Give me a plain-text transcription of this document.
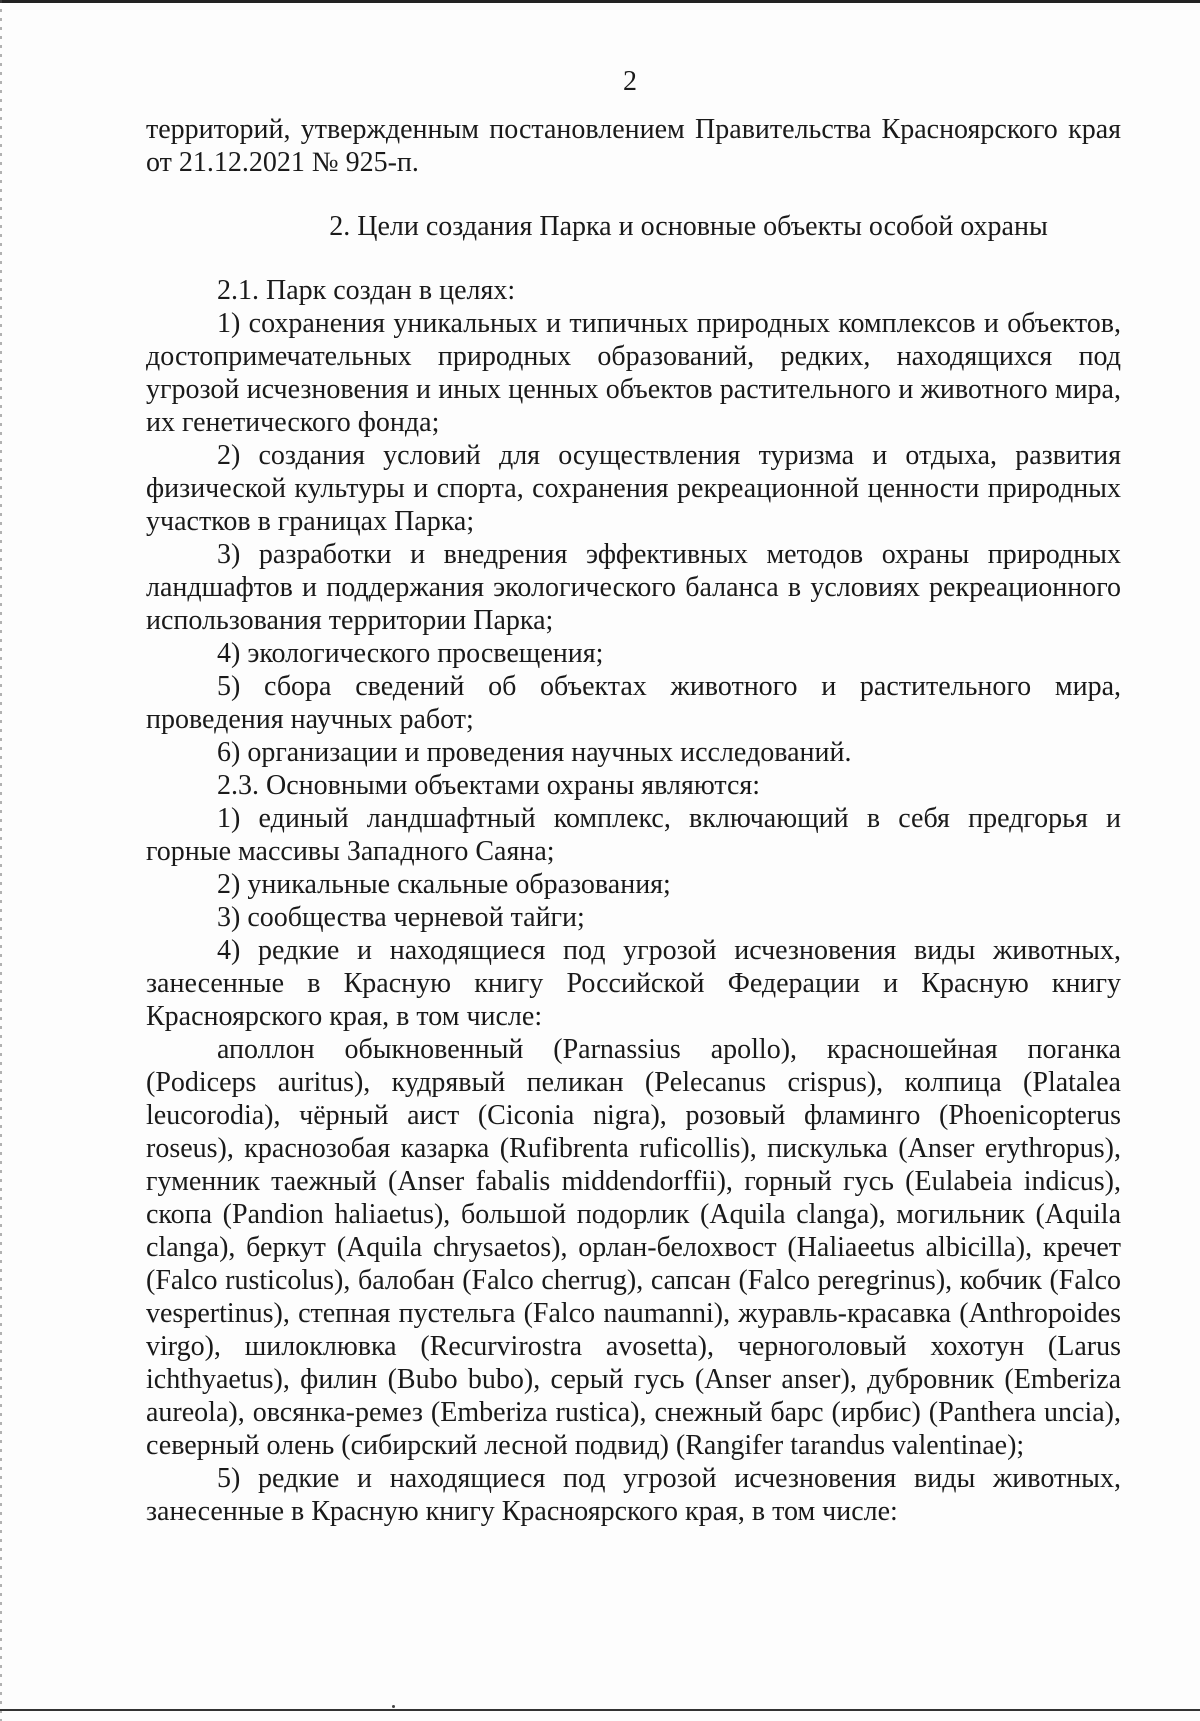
2

территорий, утвержденным постановлением Правительства Красноярского края

от 21.12.2021 № 925-п.

2. Цели создания Парка и основные объекты особой охраны

2.1. Парк создан в целях:

1) сохранения уникальных и типичных природных комплексов и объектов, достопримечательных природных образований, редких, находящихся под угрозой исчезновения и иных ценных объектов растительного и животного мира, их генетического фонда;

2) создания условий для осуществления туризма и отдыха, развития физической культуры и спорта, сохранения рекреационной ценности природных участков в границах Парка;

3) разработки и внедрения эффективных методов охраны природных ландшафтов и поддержания экологического баланса в условиях рекреационного использования территории Парка;

4) экологического просвещения;

5) сбора сведений об объектах животного и растительного мира, проведения научных работ;

6) организации и проведения научных исследований.

2.3. Основными объектами охраны являются:

1) единый ландшафтный комплекс, включающий в себя предгорья и горные массивы Западного Саяна;

2) уникальные скальные образования;

3) сообщества черневой тайги;

4) редкие и находящиеся под угрозой исчезновения виды животных, занесенные в Красную книгу Российской Федерации и Красную книгу Красноярского края, в том числе:

аполлон обыкновенный (Parnassius apollo), красношейная поганка (Podiceps auritus), кудрявый пеликан (Pelecanus crispus), колпица (Platalea leucorodia), чёрный аист (Ciconia nigra), розовый фламинго (Phoenicopterus roseus), краснозобая казарка (Rufibrenta ruficollis), пискулька (Anser erythropus), гуменник таежный (Anser fabalis middendorffii), горный гусь (Eulabeia indicus), скопа (Pandion haliaetus), большой подорлик (Aquila clanga), могильник (Aquila clanga), беркут (Aquila chrysaetos), орлан-белохвост (Haliaeetus albicilla), кречет (Falco rusticolus), балобан (Falco cherrug), сапсан (Falco peregrinus), кобчик (Falco vespertinus), степная пустельга (Falco naumanni), журавль-красавка (Anthropoides virgo), шилоклювка (Recurvirostra avosetta), черноголовый хохотун (Larus ichthyaetus), филин (Bubo bubo), серый гусь (Anser anser), дубровник (Emberiza aureola), овсянка-ремез (Emberiza rustica), снежный барс (ирбис) (Panthera uncia), северный олень (сибирский лесной подвид) (Rangifer tarandus valentinae);

5) редкие и находящиеся под угрозой исчезновения виды животных, занесенные в Красную книгу Красноярского края, в том числе:
